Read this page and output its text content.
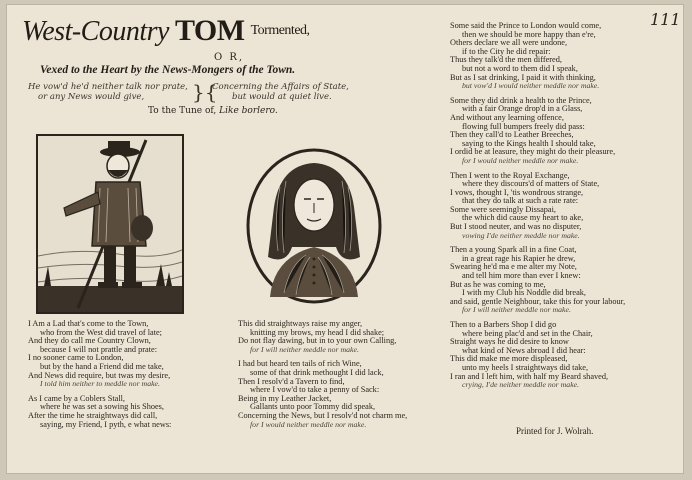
West-Country TOM $^{Tormented,}$
111
O R,
Vexed to the Heart by the News-Mongers of the Town.
He vow'd he'd neither talk nor prate,
or any News would give,	}{
Concerning the Affairs of State,
but would at quiet live.
To the Tune of, Like borlero.
I Am a Lad that's come to the Town,
who from the West did travel of late;
And they do call me Country Clown,
because I will not prattle and prate:
I no sooner came to London,
but by the hand a Friend did me take,
And News did require, but twas my desire,
I told him neither to meddle nor make.
As I came by a Coblers Stall,
where he was set a sowing his Shoes,
After the time he straightways did call,
saying, my Friend, I pyth, e what news:
This did straightways raise my anger,
knitting my brows, my head I did shake;
Do not flay dawing, but in to your own Calling,
for I will neither meddle nor make.
I had but heard ten tails of rich Wine,
some of that drink methought I did lack,
Then I resolv'd a Tavern to find,
where I vow'd to take a penny of Sack:
Being in my Leather Jacket,
Gallants unto poor Tommy did speak,
Concerning the News, but I resolv'd not charm me,
for I would neither meddle nor make.
Some said the Prince to London would come,
then we should be more happy than e're,
Others declare we all were undone,
if to the City he did repair:
Thus they talk'd the men differed,
but not a word to them did I speak,
But as I sat drinking, I paid it with thinking,
but vow'd I would neither meddle nor make.
Some they did drink a health to the Prince,
with a fair Orange drop'd in a Glass,
And without any learning offence,
flowing full bumpers freely did pass:
Then they call'd to Leather Breeches,
saying to the Kings health I should take,
I ordid be at leasure, they might do their pleasure,
for I would neither meddle nor make.
Then I went to the Royal Exchange,
where they discours'd of matters of State,
I vows, thought I, 'tis wondrous strange,
that they do talk at such a rate rate:
Some were seemingly Dissapai,
the which did cause my heart to ake,
But I stood neuter, and was no disputer,
vowing I'de neither meddle nor make.
Then a young Spark all in a fine Coat,
in a great rage his Rapier he drew,
Swearing he'd ma e me alter my Note,
and tell him more than ever I knew:
But as he was coming to me,
I with my Club his Noddle did break,
and said, gentle Neighbour, take this for your labour,
for I will neither meddle nor make.
Then to a Barbers Shop I did go
where being plac'd and set in the Chair,
Straight ways he did desire to know
what kind of News abroad I did hear:
This did make me more displeased,
unto my heels I straightways did take,
I ran and I left him, with half my Beard shaved,
crying, I'de neither meddle nor make.
Printed for J. Wolrah.
